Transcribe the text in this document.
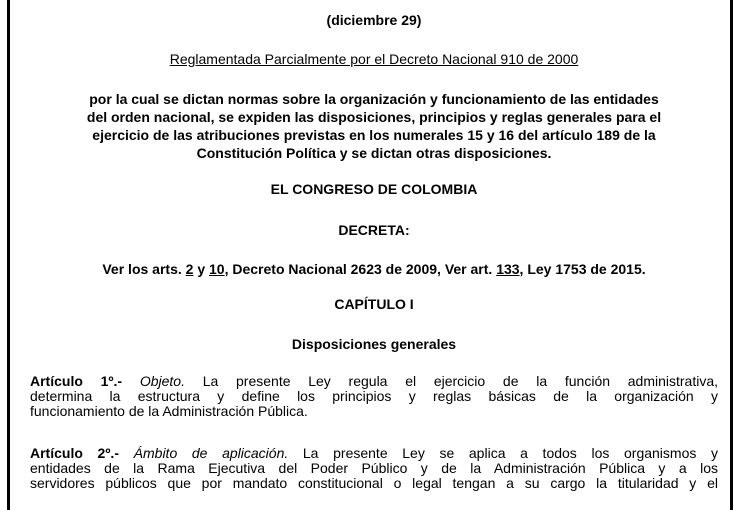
(diciembre 29)
Reglamentada Parcialmente por el Decreto Nacional 910 de 2000
por la cual se dictan normas sobre la organización y funcionamiento de las entidades
del orden nacional, se expiden las disposiciones, principios y reglas generales para el
ejercicio de las atribuciones previstas en los numerales 15 y 16 del artículo 189 de la
Constitución Política y se dictan otras disposiciones.
EL CONGRESO DE COLOMBIA
DECRETA:
Ver los arts. 2 y 10, Decreto Nacional 2623 de 2009, Ver art. 133, Ley 1753 de 2015.
CAPÍTULO I
Disposiciones generales
Artículo 1º.- Objeto. La presente Ley regula el ejercicio de la función administrativa,
determina la estructura y define los principios y reglas básicas de la organización y
funcionamiento de la Administración Pública.
Artículo 2º.- Ámbito de aplicación. La presente Ley se aplica a todos los organismos y
entidades de la Rama Ejecutiva del Poder Público y de la Administración Pública y a los
servidores públicos que por mandato constitucional o legal tengan a su cargo la titularidad y el
